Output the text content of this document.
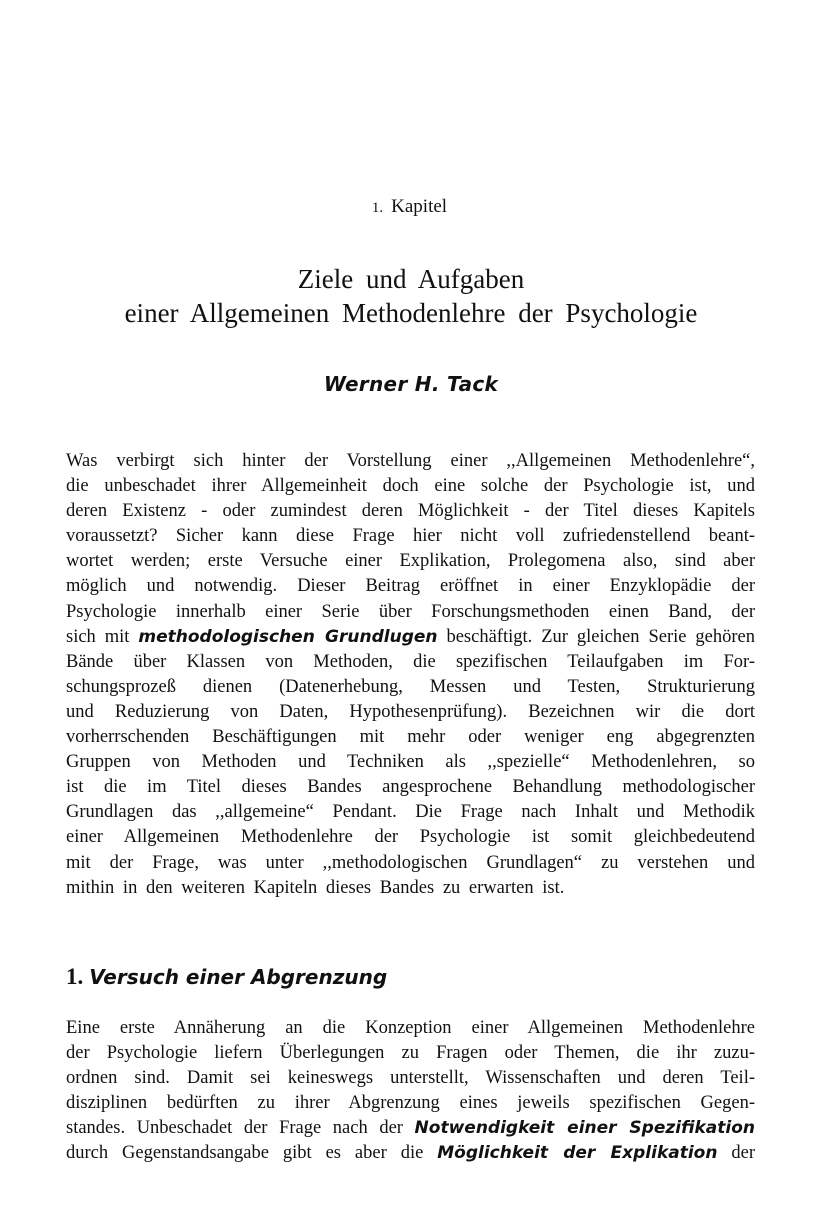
1. Kapitel
Ziele und Aufgaben
einer Allgemeinen Methodenlehre der Psychologie
Werner H. Tack
Was verbirgt sich hinter der Vorstellung einer ,,Allgemeinen Methodenlehre“,
die unbeschadet ihrer Allgemeinheit doch eine solche der Psychologie ist, und
deren Existenz - oder zumindest deren Möglichkeit - der Titel dieses Kapitels
voraussetzt? Sicher kann diese Frage hier nicht voll zufriedenstellend beant-
wortet werden; erste Versuche einer Explikation, Prolegomena also, sind aber
möglich und notwendig. Dieser Beitrag eröffnet in einer Enzyklopädie der
Psychologie innerhalb einer Serie über Forschungsmethoden einen Band, der
sich mit methodologischen Grundlugen beschäftigt. Zur gleichen Serie gehören
Bände über Klassen von Methoden, die spezifischen Teilaufgaben im For-
schungsprozeß dienen (Datenerhebung, Messen und Testen, Strukturierung
und Reduzierung von Daten, Hypothesenprüfung). Bezeichnen wir die dort
vorherrschenden Beschäftigungen mit mehr oder weniger eng abgegrenzten
Gruppen von Methoden und Techniken als ,,spezielle“ Methodenlehren, so
ist die im Titel dieses Bandes angesprochene Behandlung methodologischer
Grundlagen das ,,allgemeine“ Pendant. Die Frage nach Inhalt und Methodik
einer Allgemeinen Methodenlehre der Psychologie ist somit gleichbedeutend
mit der Frage, was unter ,,methodologischen Grundlagen“ zu verstehen und
mithin in den weiteren Kapiteln dieses Bandes zu erwarten ist.
1. Versuch einer Abgrenzung
Eine erste Annäherung an die Konzeption einer Allgemeinen Methodenlehre
der Psychologie liefern Überlegungen zu Fragen oder Themen, die ihr zuzu-
ordnen sind. Damit sei keineswegs unterstellt, Wissenschaften und deren Teil-
disziplinen bedürften zu ihrer Abgrenzung eines jeweils spezifischen Gegen-
standes. Unbeschadet der Frage nach der Notwendigkeit einer Spezifikation
durch Gegenstandsangabe gibt es aber die Möglichkeit der Explikation der
